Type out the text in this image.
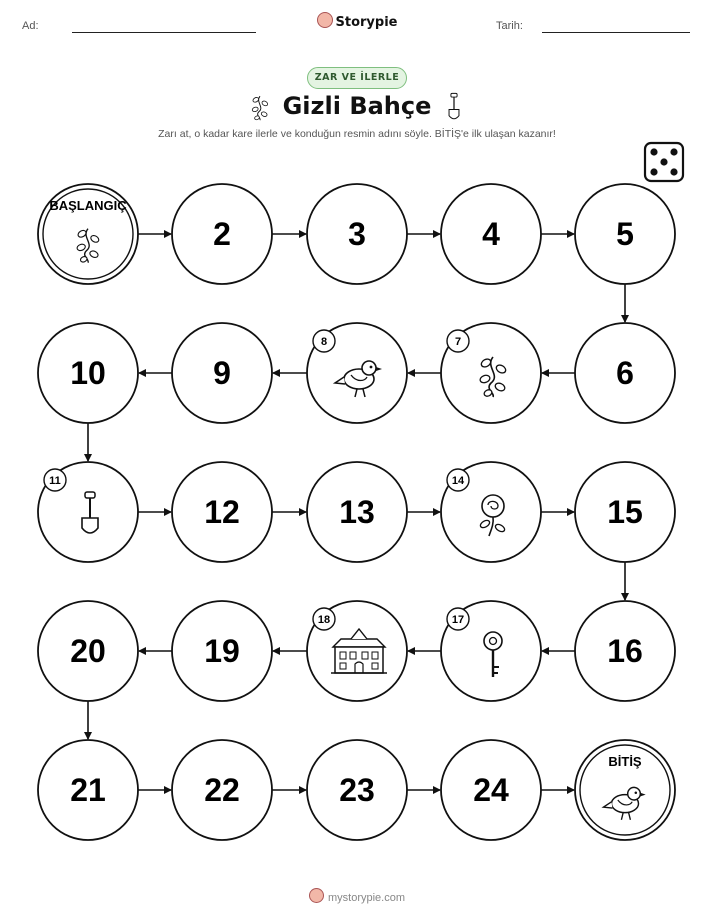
Ad:	Storypie	Tarih:
ZAR VE İLERLE
Gizli Bahçe
Zarı at, o kadar kare ilerle ve konduğun resmin adını söyle. BİTİŞ'e ilk ulaşan kazanır!
BAŞLANGIÇ
2	3	4	5
6
7
8
9
10
11
12	13
14
15
16
17
18
19
20
21	22	23	24
BİTİŞ
mystorypie.com
